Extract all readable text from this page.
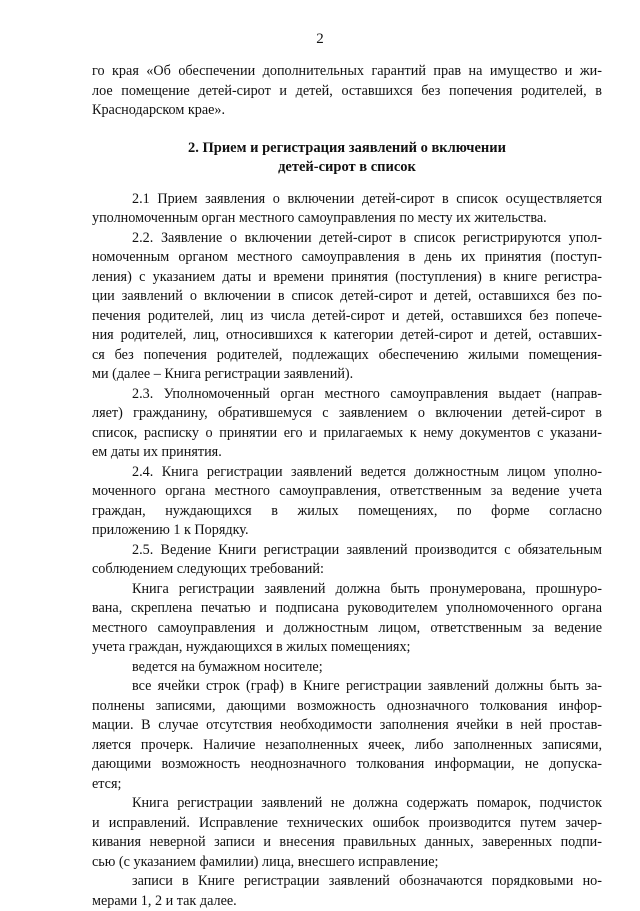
2
го края «Об обеспечении дополнительных гарантий прав на имущество и жи-
лое помещение детей-сирот и детей, оставшихся без попечения родителей, в
Краснодарском крае».
2. Прием и регистрация заявлений о включении
детей-сирот в список
2.1 Прием заявления о включении детей-сирот в список осуществляется
уполномоченным орган местного самоуправления по месту их жительства.
2.2. Заявление о включении детей-сирот в список регистрируются упол-
номоченным органом местного самоуправления в день их принятия (поступ-
ления) с указанием даты и времени принятия (поступления) в книге регистра-
ции заявлений о включении в список детей-сирот и детей, оставшихся без по-
печения родителей, лиц из числа детей-сирот и детей, оставшихся без попече-
ния родителей, лиц, относившихся к категории детей-сирот и детей, оставших-
ся без попечения родителей, подлежащих обеспечению жилыми помещения-
ми (далее – Книга регистрации заявлений).
2.3. Уполномоченный орган местного самоуправления выдает (направ-
ляет) гражданину, обратившемуся с заявлением о включении детей-сирот в
список, расписку о принятии его и прилагаемых к нему документов с указани-
ем даты их принятия.
2.4. Книга регистрации заявлений ведется должностным лицом уполно-
моченного органа местного самоуправления, ответственным за ведение учета
граждан, нуждающихся в жилых помещениях, по форме согласно
приложению 1 к Порядку.
2.5. Ведение Книги регистрации заявлений производится с обязательным
соблюдением следующих требований:
Книга регистрации заявлений должна быть пронумерована, прошнуро-
вана, скреплена печатью и подписана руководителем уполномоченного органа
местного самоуправления и должностным лицом, ответственным за ведение
учета граждан, нуждающихся в жилых помещениях;
ведется на бумажном носителе;
все ячейки строк (граф) в Книге регистрации заявлений должны быть за-
полнены записями, дающими возможность однозначного толкования инфор-
мации. В случае отсутствия необходимости заполнения ячейки в ней простав-
ляется прочерк. Наличие незаполненных ячеек, либо заполненных записями,
дающими возможность неоднозначного толкования информации, не допуска-
ется;
Книга регистрации заявлений не должна содержать помарок, подчисток
и исправлений. Исправление технических ошибок производится путем зачер-
кивания неверной записи и внесения правильных данных, заверенных подпи-
сью (с указанием фамилии) лица, внесшего исправление;
записи в Книге регистрации заявлений обозначаются порядковыми но-
мерами 1, 2 и так далее.
